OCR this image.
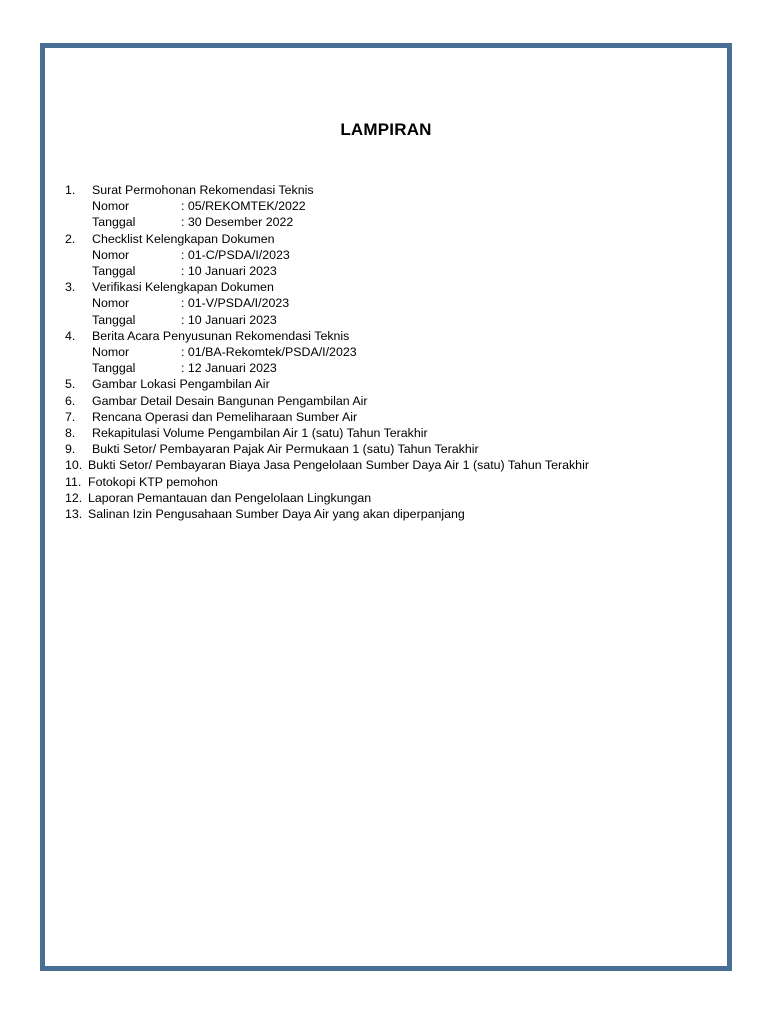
LAMPIRAN
1.	Surat Permohonan Rekomendasi Teknis
Nomor	: 05/REKOMTEK/2022
Tanggal	: 30 Desember 2022
2.	Checklist Kelengkapan Dokumen
Nomor	: 01-C/PSDA/I/2023
Tanggal	: 10 Januari 2023
3.	Verifikasi Kelengkapan Dokumen
Nomor	: 01-V/PSDA/I/2023
Tanggal	: 10 Januari 2023
4.	Berita Acara Penyusunan Rekomendasi Teknis
Nomor	: 01/BA-Rekomtek/PSDA/I/2023
Tanggal	: 12 Januari 2023
5.	Gambar Lokasi Pengambilan Air
6.	Gambar Detail Desain Bangunan Pengambilan Air
7.	Rencana Operasi dan Pemeliharaan Sumber Air
8.	Rekapitulasi Volume Pengambilan Air 1 (satu) Tahun Terakhir
9.	Bukti Setor/ Pembayaran Pajak Air Permukaan 1 (satu) Tahun Terakhir
10. Bukti Setor/ Pembayaran Biaya Jasa Pengelolaan Sumber Daya Air 1 (satu) Tahun Terakhir
11. Fotokopi KTP pemohon
12. Laporan Pemantauan dan Pengelolaan Lingkungan
13. Salinan Izin Pengusahaan Sumber Daya Air yang akan diperpanjang
